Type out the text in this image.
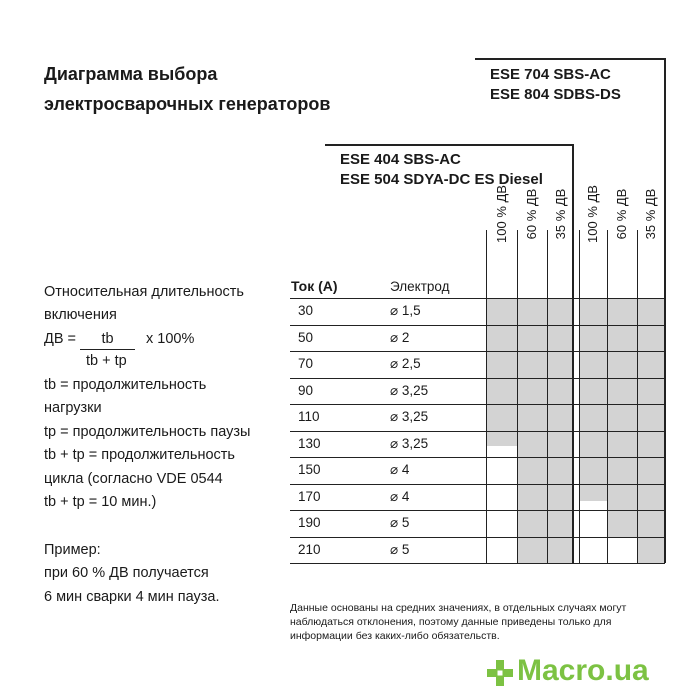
Диаграмма выбора
электросварочных генераторов
ESE 704 SBS-AC
ESE 804 SDBS-DS
ESE 404 SBS-AC
ESE 504 SDYA-DC ES Diesel
100 % ДВ 60 % ДВ 35 % ДВ 100 % ДВ 60 % ДВ 35 % ДВ
Ток (A)	Электрод
30	⌀ 1,5
50	⌀ 2
70	⌀ 2,5
90	⌀ 3,25
110	⌀ 3,25
130	⌀ 3,25
150	⌀ 4
170	⌀ 4
190	⌀ 5
210	⌀ 5
Относительная длительность
включения
ДВ =	tb	x 100%
tb + tp
tb = продолжительность
нагрузки
tp = продолжительность паузы
tb + tp = продолжительность
цикла (согласно VDE 0544
tb + tp = 10 мин.)
Пример:
при 60 % ДВ получается
6 мин сварки 4 мин пауза.
Данные основаны на средних значениях, в отдельных случаях могут
наблюдаться отклонения, поэтому данные приведены только для
информации без каких-либо обязательств.
Macro.ua
